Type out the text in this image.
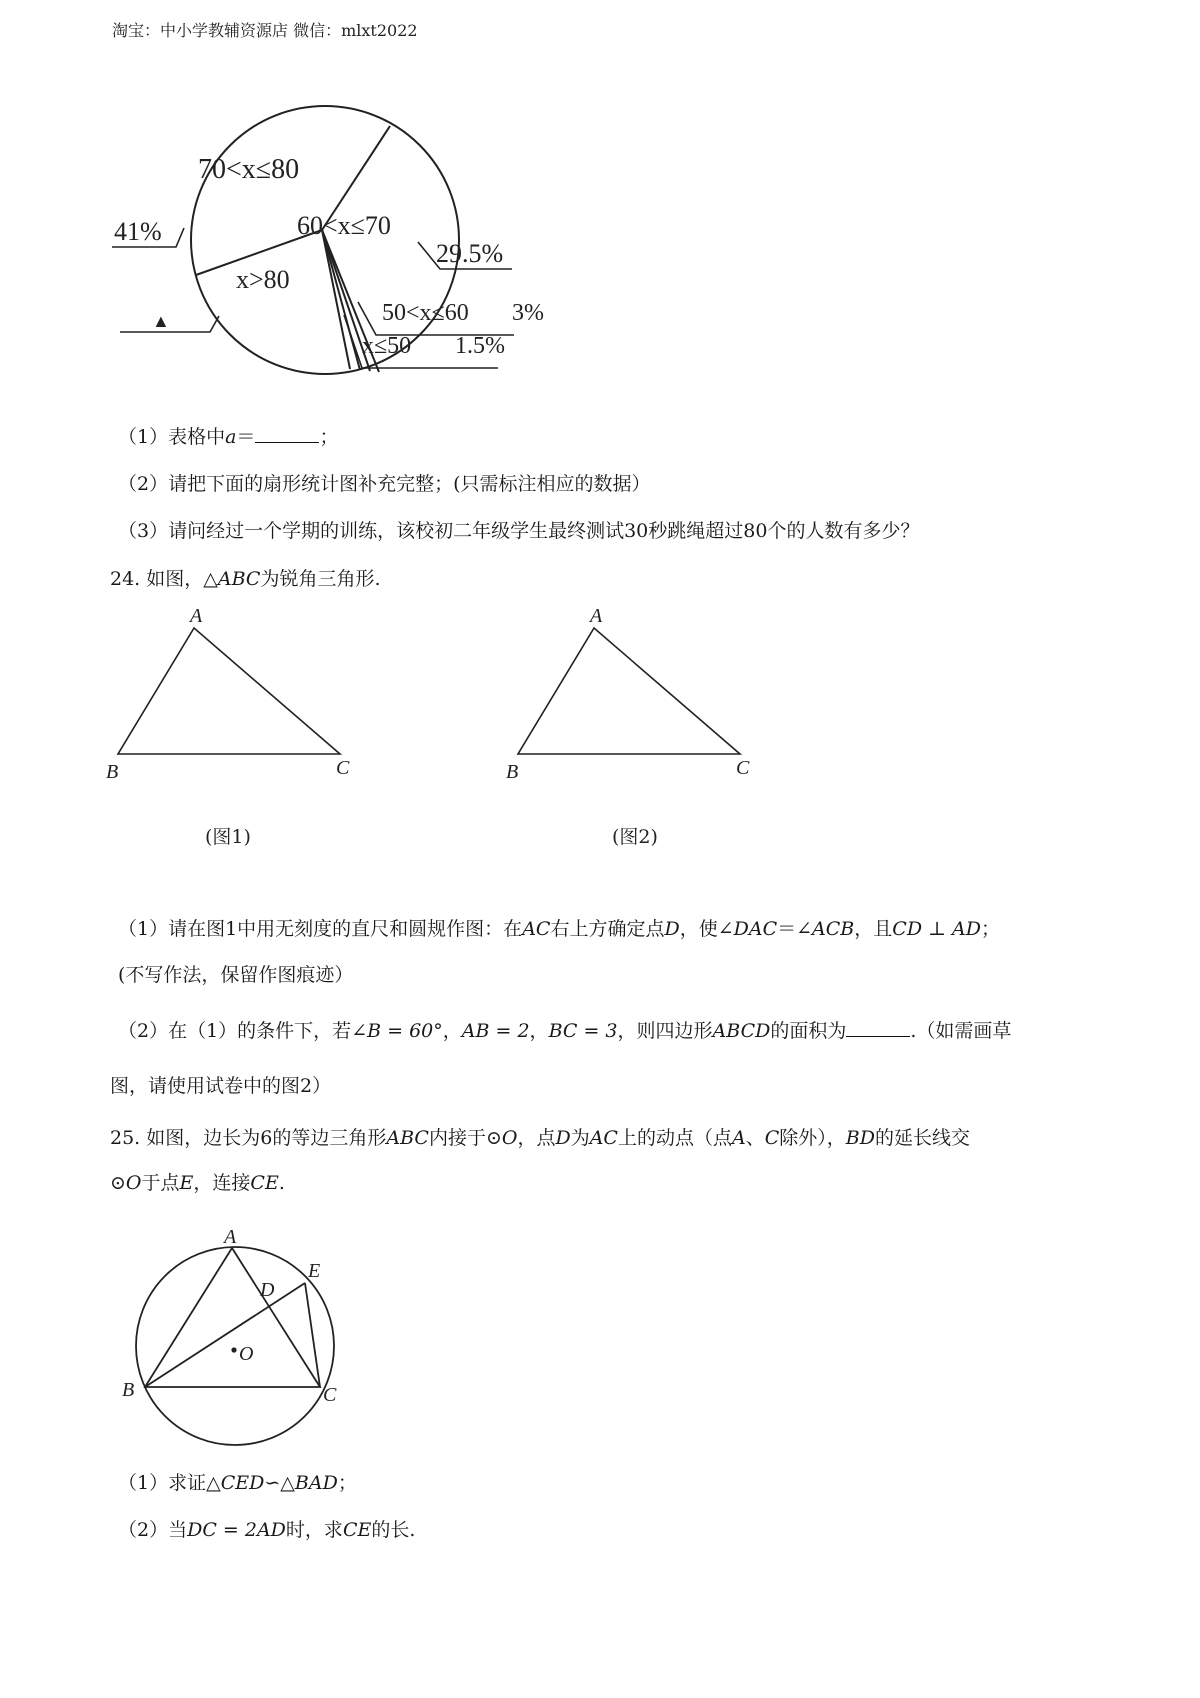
淘宝：中小学教辅资源店 微信：mlxt2022
70<x≤80
60<x≤70
x>80
50<x≤60
x≤50
41%
29.5%
3%
1.5%
▲
（1）表格中a＝	；
（2）请把下面的扇形统计图补充完整；(只需标注相应的数据）
（3）请问经过一个学期的训练，该校初二年级学生最终测试30秒跳绳超过80个的人数有多少？
24. 如图，△ABC为锐角三角形.
A
B	C
A
B	C
(图1)	(图2)
（1）请在图1中用无刻度的直尺和圆规作图：在AC右上方确定点D，使∠DAC＝∠ACB，且CD ⊥ AD；
(不写作法，保留作图痕迹）
（2）在（1）的条件下，若∠B = 60°，AB = 2，BC = 3，则四边形ABCD的面积为	.（如需画草
图，请使用试卷中的图2）
25. 如图，边长为6的等边三角形ABC内接于⊙O，点D为AC上的动点（点A、C除外），BD的延长线交
⊙O于点E，连接CE.
A
B	C
D
E
O
（1）求证△CED∽△BAD；
（2）当DC = 2AD时，求CE的长.
